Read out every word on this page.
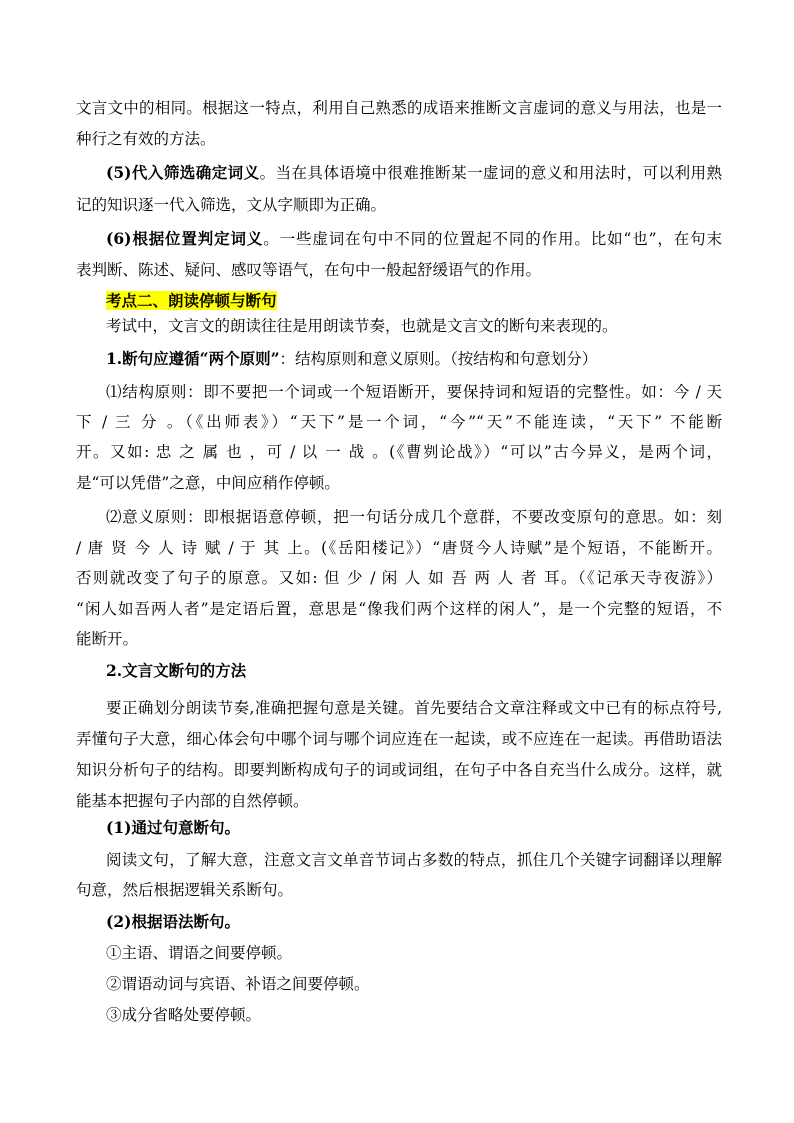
文言文中的相同。根据这一特点，利用自己熟悉的成语来推断文言虚词的意义与用法，也是一
种行之有效的方法。
(5)代入筛选确定词义。当在具体语境中很难推断某一虚词的意义和用法时，可以利用熟
记的知识逐一代入筛选，文从字顺即为正确。
(6)根据位置判定词义。一些虚词在句中不同的位置起不同的作用。比如“也”，在句末
表判断、陈述、疑问、感叹等语气，在句中一般起舒缓语气的作用。
考点二、朗读停顿与断句
考试中，文言文的朗读往往是用朗读节奏，也就是文言文的断句来表现的。
1.断句应遵循“两个原则”：结构原则和意义原则。（按结构和句意划分）
⑴结构原则：即不要把一个词或一个短语断开，要保持词和短语的完整性。如：今 / 天
下 / 三 分 。（《出师表》）“天下”是一个词，“今”“天”不能连读，“天下” 不能断
开。又如: 忠 之 属 也 ，可 / 以 一 战 。(《曹刿论战》）“可以”古今异义，是两个词，
是“可以凭借”之意，中间应稍作停顿。
⑵意义原则：即根据语意停顿，把一句话分成几个意群，不要改变原句的意思。如：刻
/ 唐 贤 今 人 诗 赋 / 于 其 上。(《岳阳楼记》）“唐贤今人诗赋”是个短语，不能断开。
否则就改变了句子的原意。又如: 但 少 / 闲 人 如 吾 两 人 者 耳。（《记承天寺夜游》）
“闲人如吾两人者”是定语后置，意思是“像我们两个这样的闲人”，是一个完整的短语，不
能断开。
2.文言文断句的方法
要正确划分朗读节奏,准确把握句意是关键。首先要结合文章注释或文中已有的标点符号,
弄懂句子大意，细心体会句中哪个词与哪个词应连在一起读，或不应连在一起读。再借助语法
知识分析句子的结构。即要判断构成句子的词或词组，在句子中各自充当什么成分。这样，就
能基本把握句子内部的自然停顿。
(1)通过句意断句。
阅读文句，了解大意，注意文言文单音节词占多数的特点，抓住几个关键字词翻译以理解
句意，然后根据逻辑关系断句。
(2)根据语法断句。
①主语、谓语之间要停顿。
②谓语动词与宾语、补语之间要停顿。
③成分省略处要停顿。
